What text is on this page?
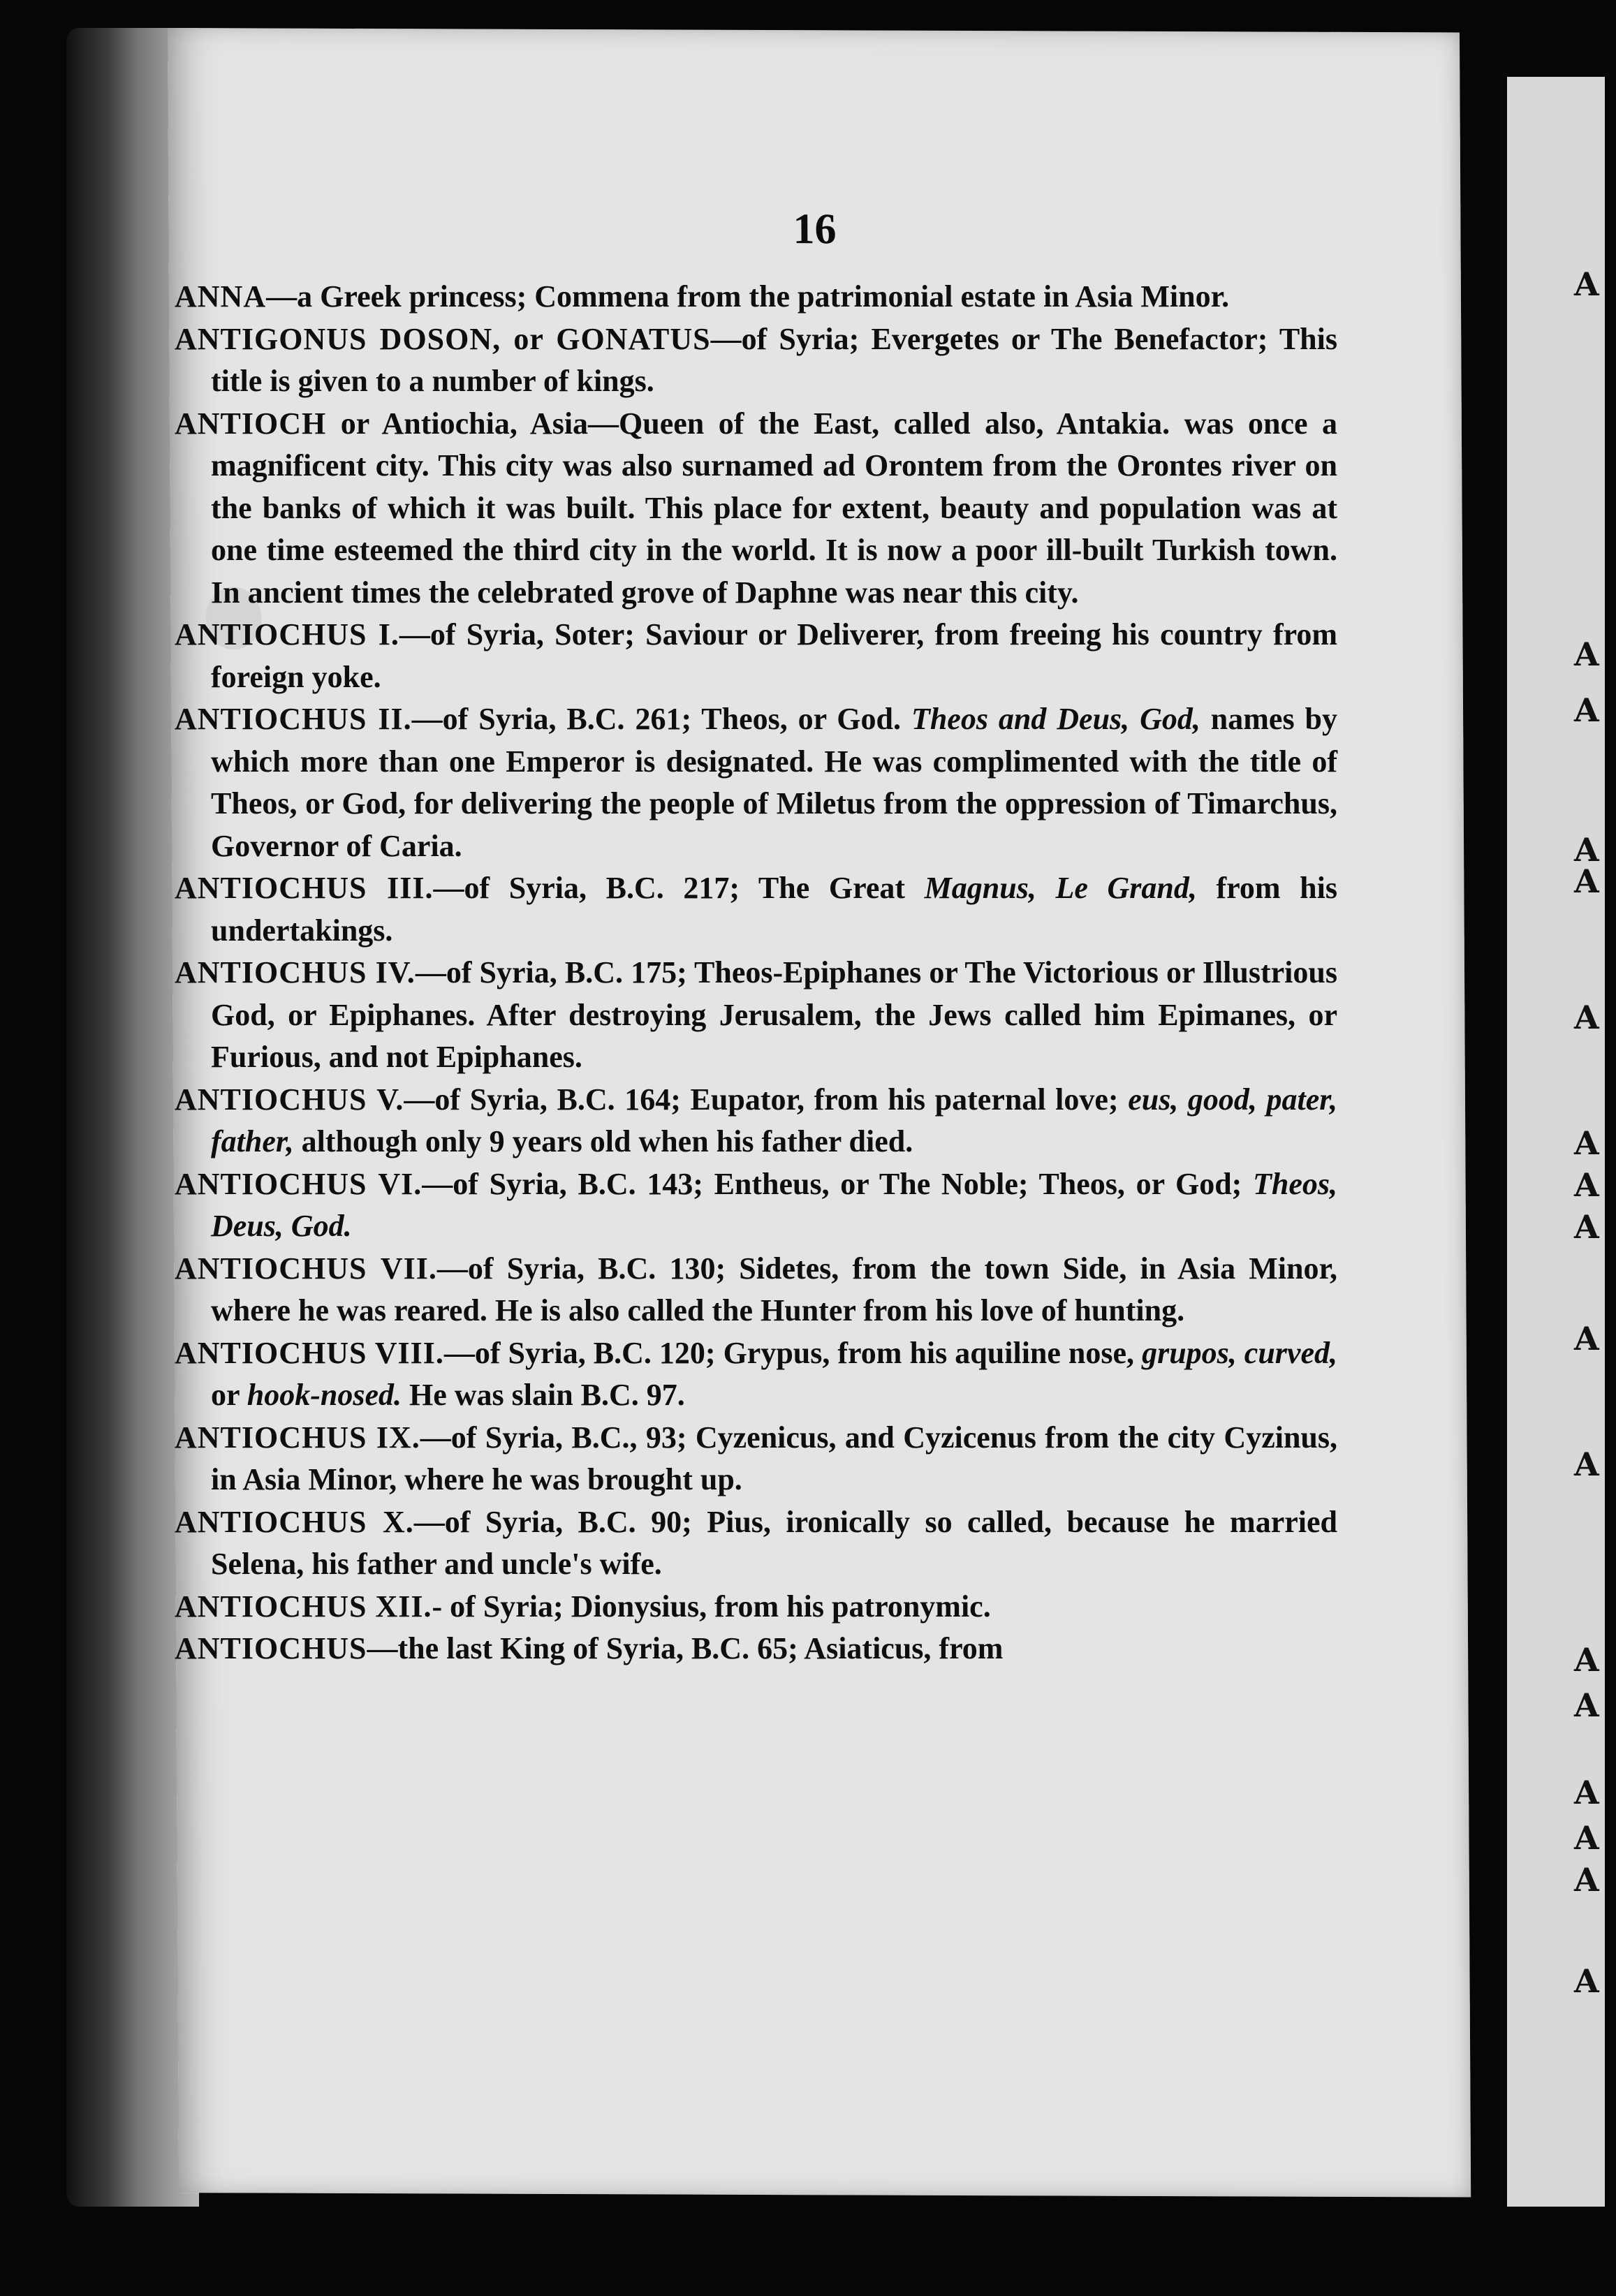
A
A
A
A
A
A
A
A
A
A
A
A
A
A
A
A
A
16

ANNA—a Greek princess; Commena from the patrimonial estate in Asia Minor.

ANTIGONUS DOSON, or GONATUS—of Syria; Evergetes or The Benefactor; This title is given to a number of kings.

ANTIOCH or Antiochia, Asia—Queen of the East, called also, Antakia. was once a magnificent city. This city was also surnamed ad Orontem from the Orontes river on the banks of which it was built. This place for extent, beauty and population was at one time esteemed the third city in the world. It is now a poor ill-built Turkish town. In ancient times the celebrated grove of Daphne was near this city.

ANTIOCHUS I.—of Syria, Soter; Saviour or Deliverer, from freeing his country from foreign yoke.

ANTIOCHUS II.—of Syria, B.C. 261; Theos, or God. Theos and Deus, God, names by which more than one Emperor is designated. He was complimented with the title of Theos, or God, for delivering the people of Miletus from the oppression of Timarchus, Governor of Caria.

ANTIOCHUS III.—of Syria, B.C. 217; The Great Magnus, Le Grand, from his undertakings.

ANTIOCHUS IV.—of Syria, B.C. 175; Theos-Epiphanes or The Victorious or Illustrious God, or Epiphanes. After destroying Jerusalem, the Jews called him Epimanes, or Furious, and not Epiphanes.

ANTIOCHUS V.—of Syria, B.C. 164; Eupator, from his paternal love; eus, good, pater, father, although only 9 years old when his father died.

ANTIOCHUS VI.—of Syria, B.C. 143; Entheus, or The Noble; Theos, or God; Theos, Deus, God.

ANTIOCHUS VII.—of Syria, B.C. 130; Sidetes, from the town Side, in Asia Minor, where he was reared. He is also called the Hunter from his love of hunting.

ANTIOCHUS VIII.—of Syria, B.C. 120; Grypus, from his aquiline nose, grupos, curved, or hook-nosed. He was slain B.C. 97.

ANTIOCHUS IX.—of Syria, B.C., 93; Cyzenicus, and Cyzicenus from the city Cyzinus, in Asia Minor, where he was brought up.

ANTIOCHUS X.—of Syria, B.C. 90; Pius, ironically so called, because he married Selena, his father and uncle's wife.

ANTIOCHUS XII.- of Syria; Dionysius, from his patronymic.

ANTIOCHUS—the last King of Syria, B.C. 65; Asiaticus, from
